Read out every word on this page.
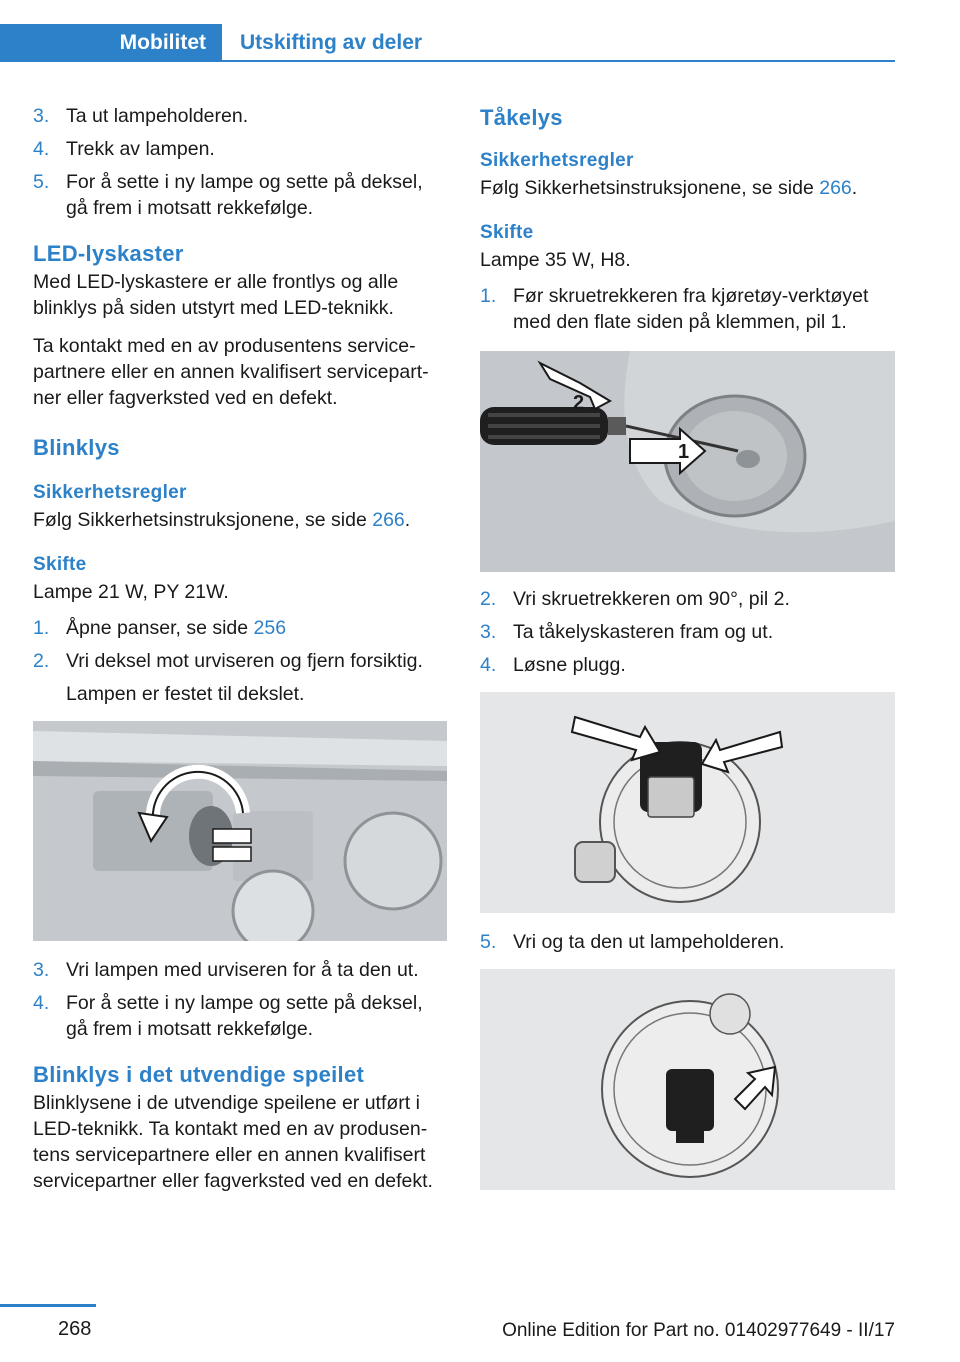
Mobilitet Utskifting av deler
3. Ta ut lampeholderen.
4. Trekk av lampen.
5. For å sette i ny lampe og sette på deksel, gå frem i motsatt rekkefølge.
LED-lyskaster
Med LED-lyskastere er alle frontlys og alle blinklys på siden utstyrt med LED-teknikk.
Ta kontakt med en av produsentens servicepartnere eller en annen kvalifisert servicepartner eller fagverksted ved en defekt.
Blinklys
Sikkerhetsregler
Følg Sikkerhetsinstruksjonene, se side 266.
Skifte
Lampe 21 W, PY 21W.
1. Åpne panser, se side 256
2. Vri deksel mot urviseren og fjern forsiktig.
Lampen er festet til dekslet.
3. Vri lampen med urviseren for å ta den ut.
4. For å sette i ny lampe og sette på deksel, gå frem i motsatt rekkefølge.
Blinklys i det utvendige speilet
Blinklysene i de utvendige speilene er utført i LED-teknikk. Ta kontakt med en av produsentens servicepartnere eller en annen kvalifisert servicepartner eller fagverksted ved en defekt.
Tåkelys
Sikkerhetsregler
Følg Sikkerhetsinstruksjonene, se side 266.
Skifte
Lampe 35 W, H8.
1. Før skruetrekkeren fra kjøretøy-verktøyet med den flate siden på klemmen, pil 1.
2
1
2. Vri skruetrekkeren om 90°, pil 2.
3. Ta tåkelyskasteren fram og ut.
4. Løsne plugg.
5. Vri og ta den ut lampeholderen.
268	Online Edition for Part no. 01402977649 - II/17
